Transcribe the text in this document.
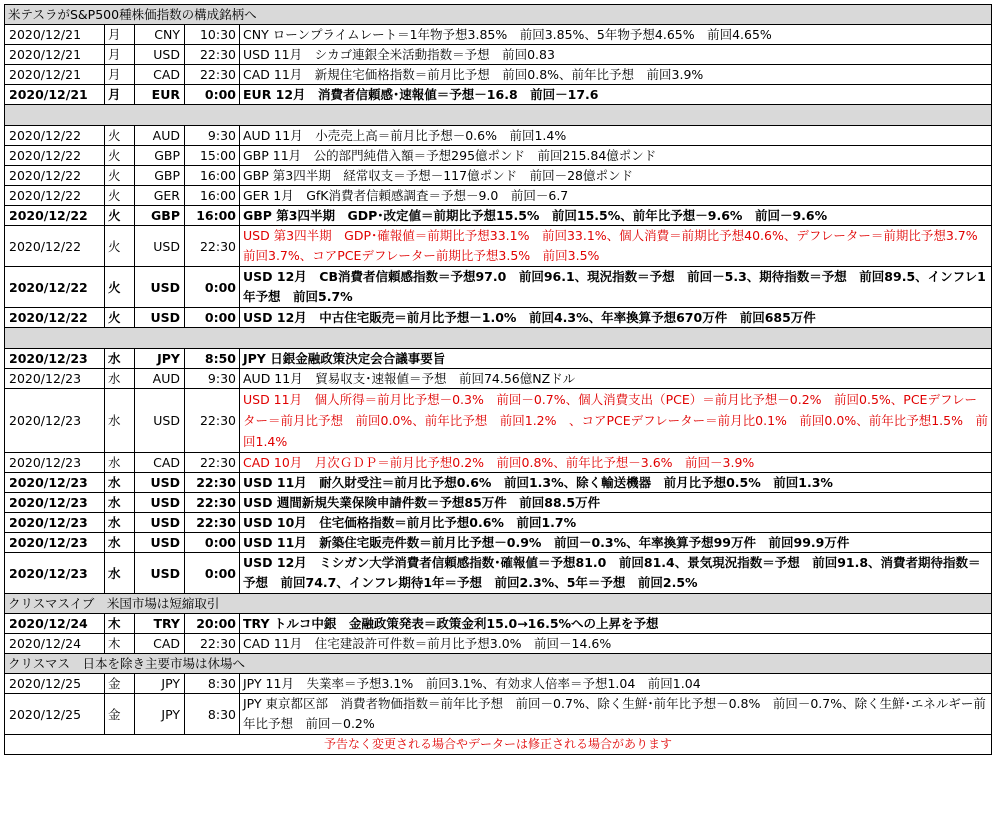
米テスラがS&P500種株価指数の構成銘柄へ				
2020/12/21	月	CNY	10:30	CNY ローンプライムレート＝1年物予想3.85%　前回3.85%、5年物予想4.65%　前回4.65%
2020/12/21	月	USD	22:30	USD 11月　シカゴ連銀全米活動指数＝予想　前回0.83
2020/12/21	月	CAD	22:30	CAD 11月　新規住宅価格指数＝前月比予想　前回0.8%、前年比予想　前回3.9%
2020/12/21	月	EUR	0:00	EUR 12月　消費者信頼感･速報値＝予想－16.8　前回－17.6

2020/12/22	火	AUD	9:30	AUD 11月　小売売上高＝前月比予想－0.6%　前回1.4%
2020/12/22	火	GBP	15:00	GBP 11月　公的部門純借入額＝予想295億ポンド　前回215.84億ポンド
2020/12/22	火	GBP	16:00	GBP 第3四半期　経常収支＝予想－117億ポンド　前回－28億ポンド
2020/12/22	火	GER	16:00	GER 1月　GfK消費者信頼感調査＝予想－9.0　前回－6.7
2020/12/22	火	GBP	16:00	GBP 第3四半期　GDP･改定値＝前期比予想15.5%　前回15.5%、前年比予想－9.6%　前回－9.6%
2020/12/22	火	USD	22:30	USD 第3四半期　GDP･確報値＝前期比予想33.1%　前回33.1%、個人消費＝前期比予想40.6%、デフレーター＝前期比予想3.7%　前回3.7%、コアPCEデフレーター前期比予想3.5%　前回3.5%
2020/12/22	火	USD	0:00	USD 12月　CB消費者信頼感指数＝予想97.0　前回96.1、現況指数＝予想　前回－5.3、期待指数＝予想　前回89.5、インフレ1年予想　前回5.7%
2020/12/22	火	USD	0:00	USD 12月　中古住宅販売＝前月比予想－1.0%　前回4.3%、年率換算予想670万件　前回685万件

2020/12/23	水	JPY	8:50	JPY 日銀金融政策決定会合議事要旨
2020/12/23	水	AUD	9:30	AUD 11月　貿易収支･速報値＝予想　前回74.56億NZドル
2020/12/23	水	USD	22:30	USD 11月　個人所得＝前月比予想－0.3%　前回－0.7%、個人消費支出（PCE）＝前月比予想－0.2%　前回0.5%、PCEデフレーター＝前月比予想　前回0.0%、前年比予想　前回1.2%　、コアPCEデフレーター＝前月比0.1%　前回0.0%、前年比予想1.5%　前回1.4%
2020/12/23	水	CAD	22:30	CAD 10月　月次ＧＤＰ＝前月比予想0.2%　前回0.8%、前年比予想－3.6%　前回－3.9%
2020/12/23	水	USD	22:30	USD 11月　耐久財受注＝前月比予想0.6%　前回1.3%、除く輸送機器　前月比予想0.5%　前回1.3%
2020/12/23	水	USD	22:30	USD 週間新規失業保険申請件数＝予想85万件　前回88.5万件
2020/12/23	水	USD	22:30	USD 10月　住宅価格指数＝前月比予想0.6%　前回1.7%
2020/12/23	水	USD	0:00	USD 11月　新築住宅販売件数＝前月比予想－0.9%　前回－0.3%、年率換算予想99万件　前回99.9万件
2020/12/23	水	USD	0:00	USD 12月　ミシガン大学消費者信頼感指数･確報値＝予想81.0　前回81.4、景気現況指数＝予想　前回91.8、消費者期待指数＝予想　前回74.7、インフレ期待1年＝予想　前回2.3%、5年＝予想　前回2.5%
クリスマスイブ　米国市場は短縮取引				
2020/12/24	木	TRY	20:00	TRY トルコ中銀　金融政策発表＝政策金利15.0→16.5%への上昇を予想
2020/12/24	木	CAD	22:30	CAD 11月　住宅建設許可件数＝前月比予想3.0%　前回－14.6%
クリスマス　日本を除き主要市場は休場へ				
2020/12/25	金	JPY	8:30	JPY 11月　失業率＝予想3.1%　前回3.1%、有効求人倍率＝予想1.04　前回1.04
2020/12/25	金	JPY	8:30	JPY 東京都区部　消費者物価指数＝前年比予想　前回－0.7%、除く生鮮･前年比予想－0.8%　前回－0.7%、除く生鮮･エネルギー前年比予想　前回－0.2%
予告なく変更される場合やデーターは修正される場合があります				
